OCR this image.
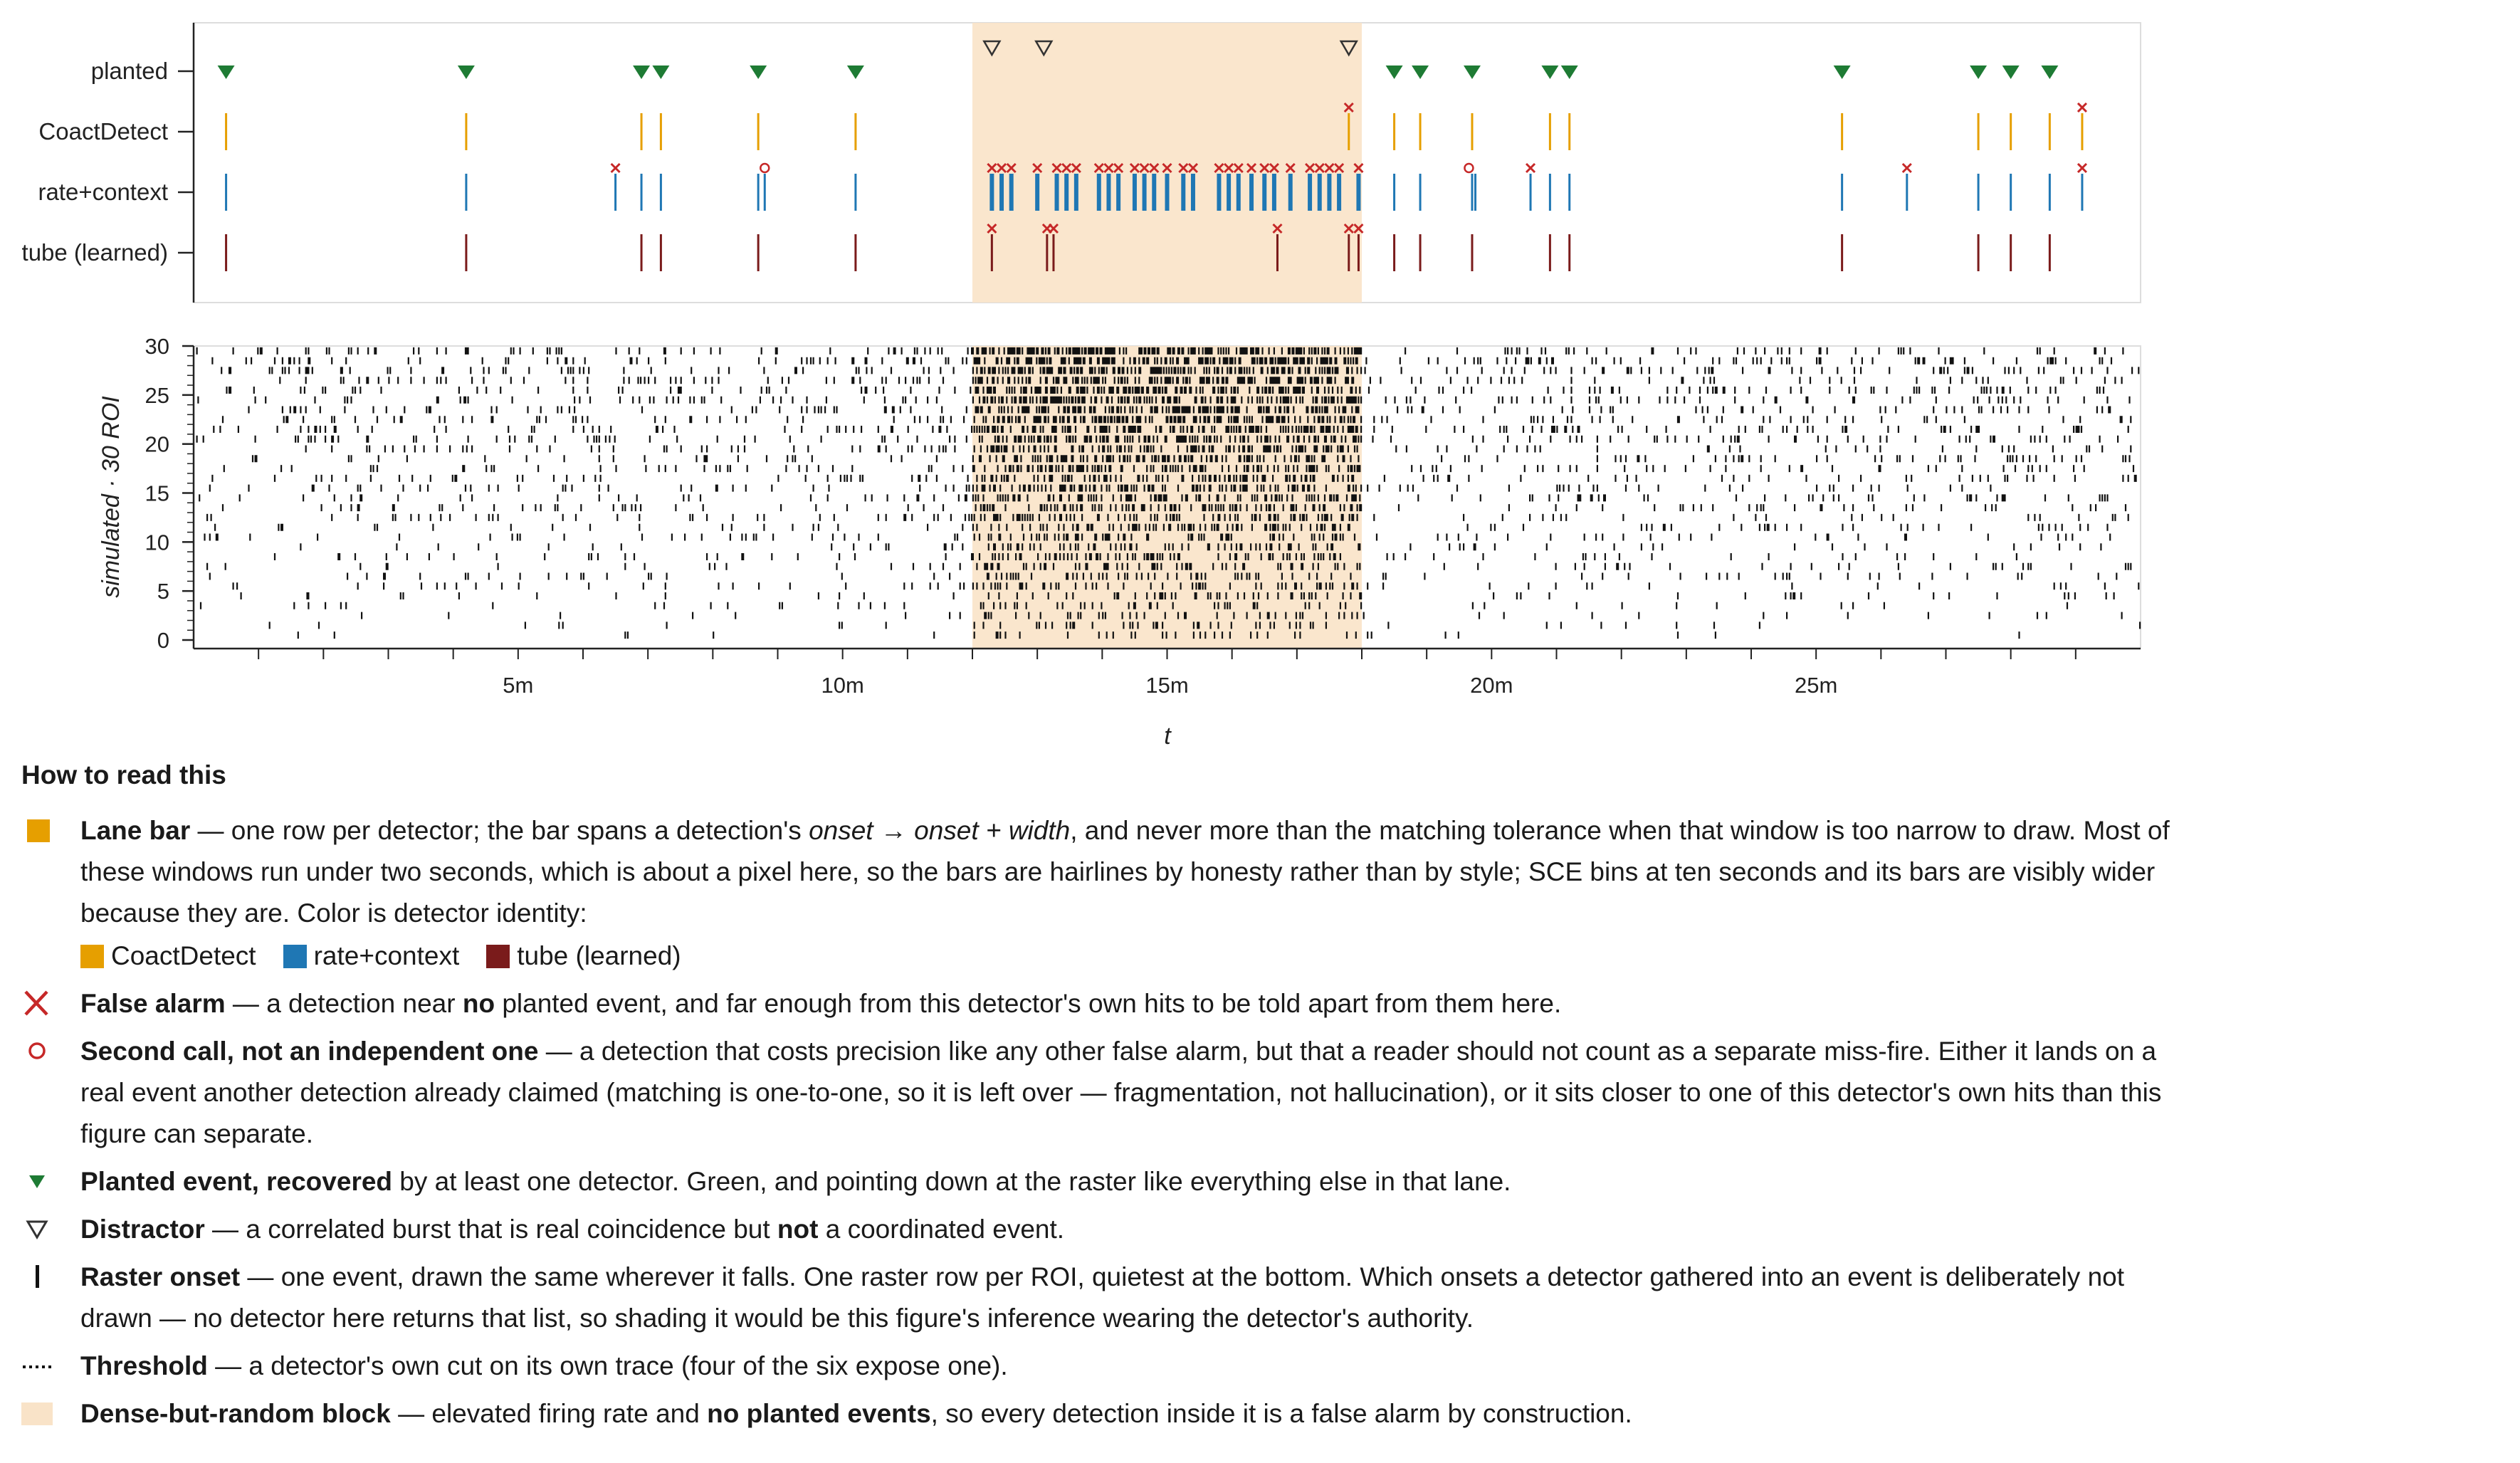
planted
CoactDetect
rate+context
tube (learned)
0
5
10
15
20
25
30
5m	10m	15m	20m	25m
simulated · 30 ROI
t
How to read this
Lane bar — one row per detector; the bar spans a detection's onset → onset + width, and never more than the matching tolerance when that window is too narrow to draw. Most of these windows run under two seconds, which is about a pixel here, so the bars are hairlines by honesty rather than by style; SCE bins at ten seconds and its bars are visibly wider because they are. Color is detector identity:
CoactDetect rate+context tube (learned)
False alarm — a detection near no planted event, and far enough from this detector's own hits to be told apart from them here.
Second call, not an independent one — a detection that costs precision like any other false alarm, but that a reader should not count as a separate miss-fire. Either it lands on a real event another detection already claimed (matching is one-to-one, so it is left over — fragmentation, not hallucination), or it sits closer to one of this detector's own hits than this figure can separate.
Planted event, recovered by at least one detector. Green, and pointing down at the raster like everything else in that lane.
Distractor — a correlated burst that is real coincidence but not a coordinated event.
Raster onset — one event, drawn the same wherever it falls. One raster row per ROI, quietest at the bottom. Which onsets a detector gathered into an event is deliberately not drawn — no detector here returns that list, so shading it would be this figure's inference wearing the detector's authority.
Threshold — a detector's own cut on its own trace (four of the six expose one).
Dense-but-random block — elevated firing rate and no planted events, so every detection inside it is a false alarm by construction.
